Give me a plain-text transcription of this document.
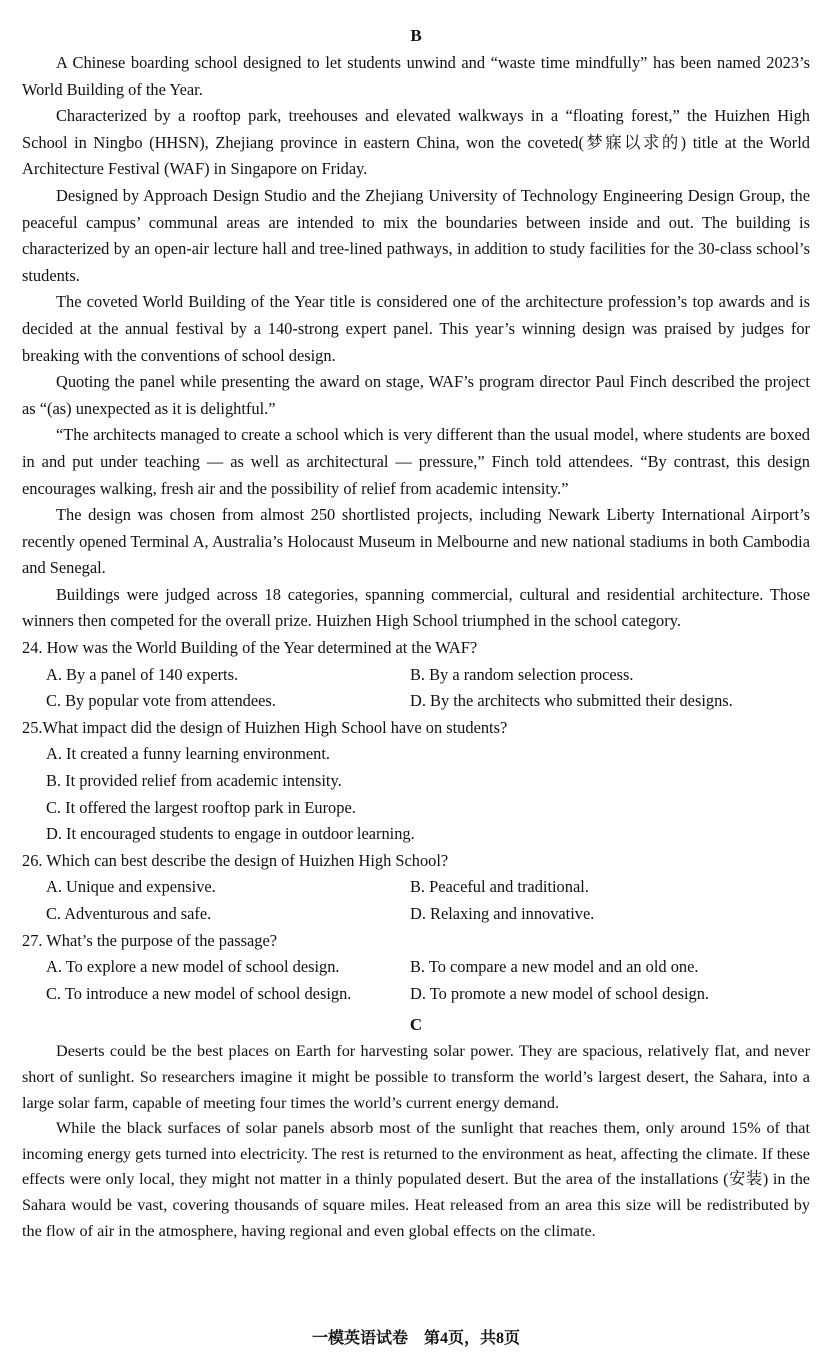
B

A Chinese boarding school designed to let students unwind and “waste time mindfully” has been named 2023’s World Building of the Year.

Characterized by a rooftop park, treehouses and elevated walkways in a “floating forest,” the Huizhen High School in Ningbo (HHSN), Zhejiang province in eastern China, won the coveted(梦寐以求的) title at the World Architecture Festival (WAF) in Singapore on Friday.

Designed by Approach Design Studio and the Zhejiang University of Technology Engineering Design Group, the peaceful campus’ communal areas are intended to mix the boundaries between inside and out. The building is characterized by an open-air lecture hall and tree-lined pathways, in addition to study facilities for the 30-class school’s students.

The coveted World Building of the Year title is considered one of the architecture profession’s top awards and is decided at the annual festival by a 140-strong expert panel. This year’s winning design was praised by judges for breaking with the conventions of school design.

Quoting the panel while presenting the award on stage, WAF’s program director Paul Finch described the project as “(as) unexpected as it is delightful.”

“The architects managed to create a school which is very different than the usual model, where students are boxed in and put under teaching — as well as architectural — pressure,” Finch told attendees. “By contrast, this design encourages walking, fresh air and the possibility of relief from academic intensity.”

The design was chosen from almost 250 shortlisted projects, including Newark Liberty International Airport’s recently opened Terminal A, Australia’s Holocaust Museum in Melbourne and new national stadiums in both Cambodia and Senegal.

Buildings were judged across 18 categories, spanning commercial, cultural and residential architecture. Those winners then competed for the overall prize. Huizhen High School triumphed in the school category.

24. How was the World Building of the Year determined at the WAF?

A. By a panel of 140 experts.	B. By a random selection process.
C. By popular vote from attendees.	D. By the architects who submitted their designs.

25.What impact did the design of Huizhen High School have on students?

A. It created a funny learning environment.

B. It provided relief from academic intensity.

C. It offered the largest rooftop park in Europe.

D. It encouraged students to engage in outdoor learning.

26. Which can best describe the design of Huizhen High School?

A. Unique and expensive.	B. Peaceful and traditional.
C. Adventurous and safe.	D. Relaxing and innovative.

27. What’s the purpose of the passage?

A. To explore a new model of school design.	B. To compare a new model and an old one.
C. To introduce a new model of school design.	D. To promote a new model of school design.
C

Deserts could be the best places on Earth for harvesting solar power. They are spacious, relatively flat, and never short of sunlight. So researchers imagine it might be possible to transform the world’s largest desert, the Sahara, into a large solar farm, capable of meeting four times the world’s current energy demand.

While the black surfaces of solar panels absorb most of the sunlight that reaches them, only around 15% of that incoming energy gets turned into electricity. The rest is returned to the environment as heat, affecting the climate. If these effects were only local, they might not matter in a thinly populated desert. But the area of the installations (安装) in the Sahara would be vast, covering thousands of square miles. Heat released from an area this size will be redistributed by the flow of air in the atmosphere, having regional and even global effects on the climate.

一模英语试卷　第4页，共8页
